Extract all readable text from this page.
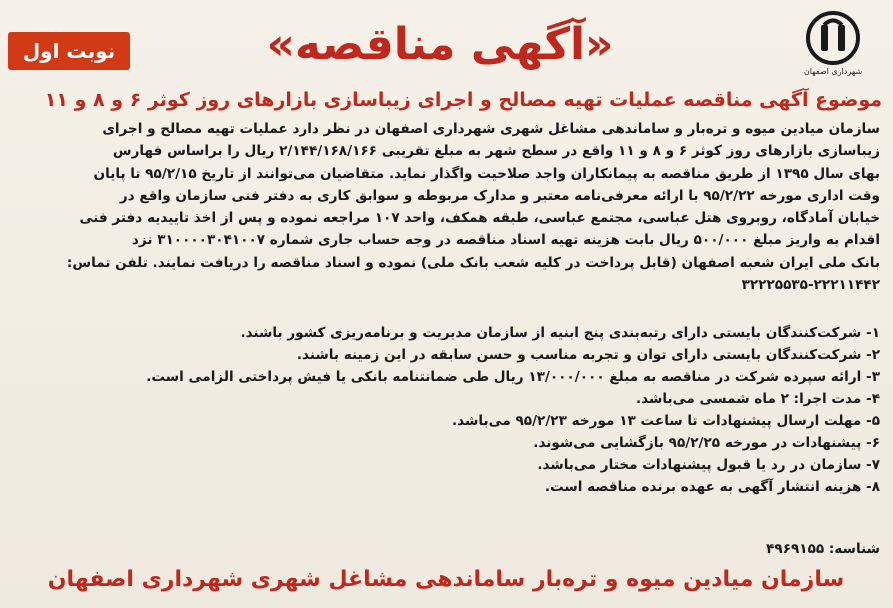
شهرداری اصفهان
«آگهی مناقصه»
نوبت اول
موضوع آگهی مناقصه عملیات تهیه مصالح و اجرای زیباسازی بازارهای روز کوثر ۶ و ۸ و ۱۱
سازمان میادین میوه و تره‌بار و ساماندهی مشاغل شهری شهرداری اصفهان در نظر دارد عملیات تهیه مصالح و اجرای
زیباسازی بازارهای روز کوثر ۶ و ۸ و ۱۱ واقع در سطح شهر به مبلغ تقریبی ۲/۱۴۴/۱۶۸/۱۶۶ ریال را براساس فهارس
بهای سال ۱۳۹۵ از طریق مناقصه به پیمانکاران واجد صلاحیت واگذار نماید. متقاضیان می‌توانند از تاریخ ۹۵/۲/۱۵ تا پایان
وقت اداری مورخه ۹۵/۲/۲۲ با ارائه معرفی‌نامه معتبر و مدارک مربوطه و سوابق کاری به دفتر فنی سازمان واقع در
خیابان آمادگاه، روبروی هتل عباسی، مجتمع عباسی، طبقه همکف، واحد ۱۰۷ مراجعه نموده و پس از اخذ تاییدیه دفتر فنی
اقدام به واریز مبلغ ۵۰۰/۰۰۰ ریال بابت هزینه تهیه اسناد مناقصه در وجه حساب جاری شماره ۳۱۰۰۰۰۳۰۴۱۰۰۷ نزد
بانک ملی ایران شعبه اصفهان (قابل پرداخت در کلیه شعب بانک ملی) نموده و اسناد مناقصه را دریافت نمایند. تلفن تماس:
۳۲۲۲۵۵۳۵-۲۲۲۱۱۴۴۲
۱- شرکت‌کنندگان بایستی دارای رتبه‌بندی پنج ابنیه از سازمان مدیریت و برنامه‌ریزی کشور باشند.
۲- شرکت‌کنندگان بایستی دارای توان و تجربه مناسب و حسن سابقه در این زمینه باشند.
۳- ارائه سپرده شرکت در مناقصه به مبلغ ۱۳/۰۰۰/۰۰۰ ریال طی ضمانتنامه بانکی یا فیش پرداختی الزامی است.
۴- مدت اجرا: ۲ ماه شمسی می‌باشد.
۵- مهلت ارسال پیشنهادات تا ساعت ۱۳ مورخه ۹۵/۲/۲۳ می‌باشد.
۶- پیشنهادات در مورخه ۹۵/۲/۲۵ بازگشایی می‌شوند.
۷- سازمان در رد یا قبول پیشنهادات مختار می‌باشد.
۸- هزینه انتشار آگهی به عهده برنده مناقصه است.
شناسه: ۴۹۶۹۱۵۵
سازمان میادین میوه و تره‌بار ساماندهی مشاغل شهری شهرداری اصفهان
